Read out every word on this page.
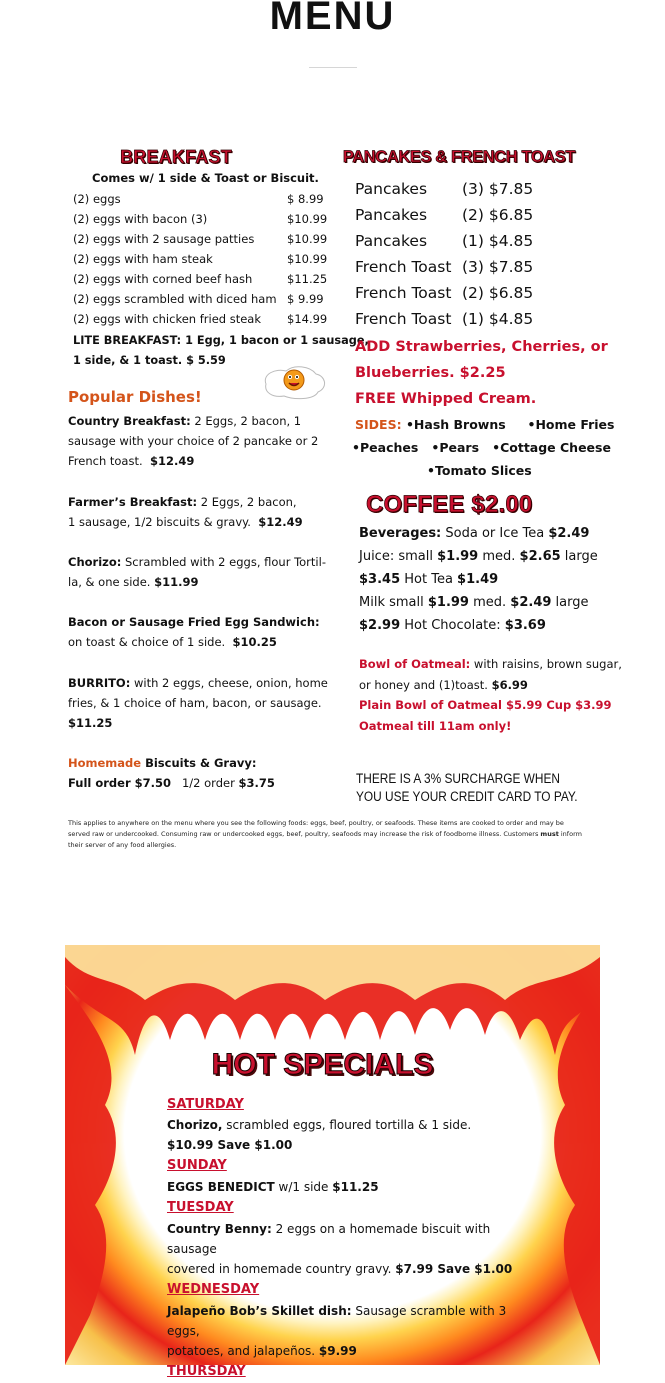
MENU
BREAKFAST
Comes w/ 1 side & Toast or Biscuit.
(2) eggs	$ 8.99
(2) eggs with bacon (3)	$10.99
(2) eggs with 2 sausage patties	$10.99
(2) eggs with ham steak	$10.99
(2) eggs with corned beef hash	$11.25
(2) eggs scrambled with diced ham $ 9.99
(2) eggs with chicken fried steak $14.99
LITE BREAKFAST: 1 Egg, 1 bacon or 1 sausage,
1 side, & 1 toast. $ 5.59
Popular Dishes!
Country Breakfast: 2 Eggs, 2 bacon, 1
sausage with your choice of 2 pancake or 2
French toast. $12.49
Farmer’s Breakfast: 2 Eggs, 2 bacon,
1 sausage, 1/2 biscuits & gravy. $12.49
Chorizo: Scrambled with 2 eggs, flour Tortil-
la, & one side. $11.99
Bacon or Sausage Fried Egg Sandwich:
on toast & choice of 1 side. $10.25
BURRITO: with 2 eggs, cheese, onion, home
fries, & 1 choice of ham, bacon, or sausage.
$11.25
Homemade Biscuits & Gravy:
Full order $7.50 1/2 order $3.75
PANCAKES & FRENCH TOAST
Pancakes (3) $7.85
Pancakes (2) $6.85
Pancakes (1) $4.85
French Toast (3) $7.85
French Toast (2) $6.85
French Toast (1) $4.85
ADD Strawberries, Cherries, or
Blueberries. $2.25
FREE Whipped Cream.
SIDES: •Hash Browns •Home Fries
•Peaches •Pears •Cottage Cheese
•Tomato Slices
COFFEE $2.00
Beverages: Soda or Ice Tea $2.49
Juice: small $1.99 med. $2.65 large
$3.45 Hot Tea $1.49
Milk small $1.99 med. $2.49 large
$2.99 Hot Chocolate: $3.69
Bowl of Oatmeal: with raisins, brown sugar,
or honey and (1)toast. $6.99
Plain Bowl of Oatmeal $5.99 Cup $3.99
Oatmeal till 11am only!
THERE IS A 3% SURCHARGE WHEN
YOU USE YOUR CREDIT CARD TO PAY.
This applies to anywhere on the menu where you see the following foods: eggs, beef, poultry, or seafoods. These items are cooked to order and may be
served raw or undercooked. Consuming raw or undercooked eggs, beef, poultry, seafoods may increase the risk of foodborne illness. Customers must inform
their server of any food allergies.
HOT SPECIALS
SATURDAY
Chorizo, scrambled eggs, floured tortilla & 1 side.
$10.99 Save $1.00
SUNDAY
EGGS BENEDICT w/1 side $11.25
TUESDAY
Country Benny: 2 eggs on a homemade biscuit with sausage
covered in homemade country gravy. $7.99 Save $1.00
WEDNESDAY
Jalapeño Bob’s Skillet dish: Sausage scramble with 3 eggs,
potatoes, and jalapeños. $9.99
THURSDAY
